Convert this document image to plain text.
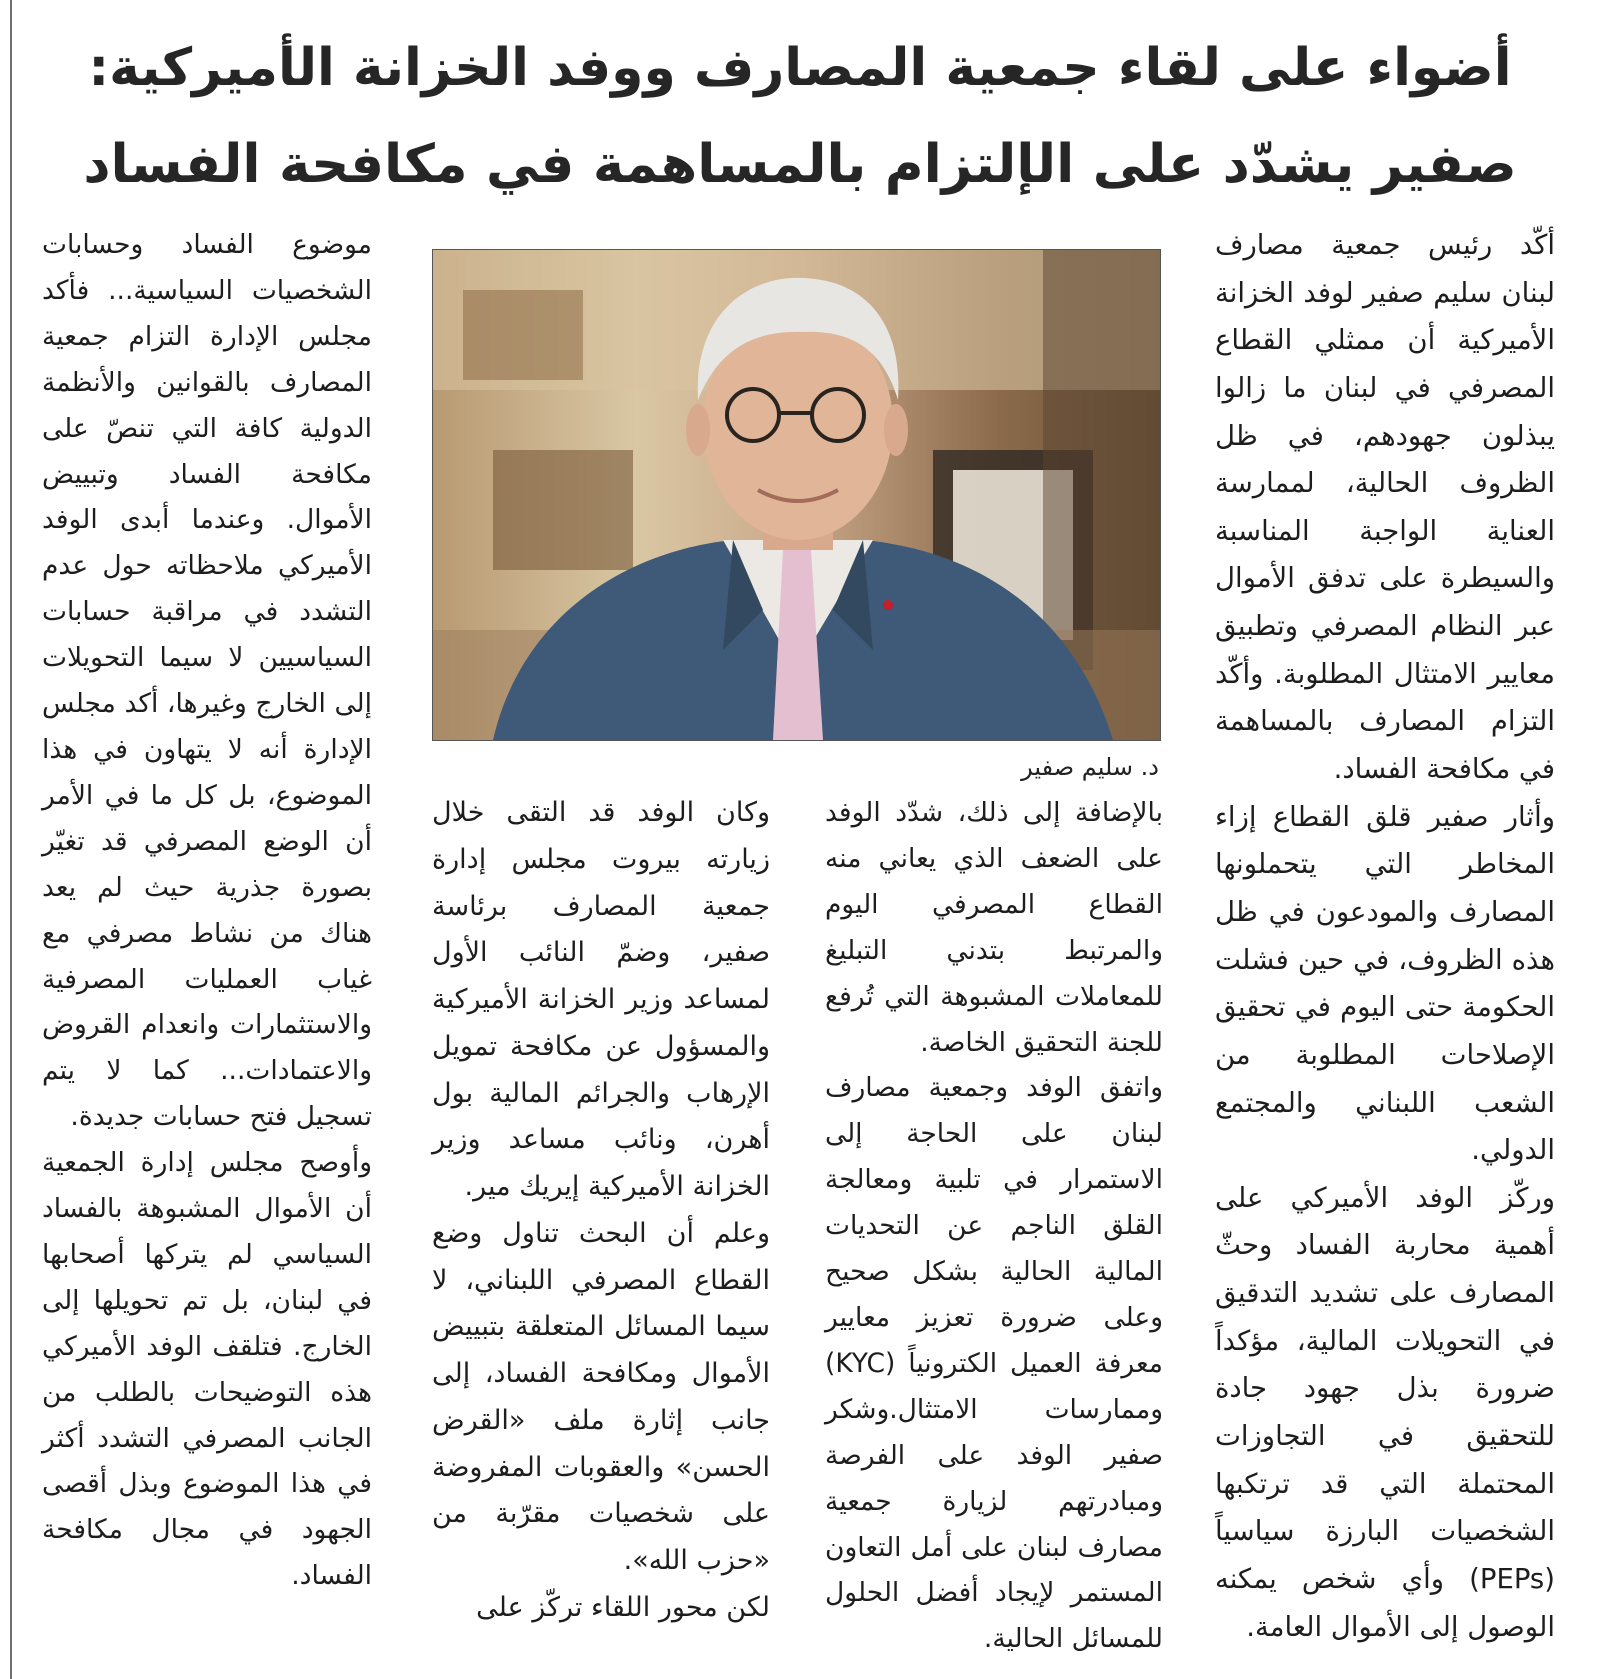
أضواء على لقاء جمعية المصارف ووفد الخزانة الأميركية:
صفير يشدّد على الإلتزام بالمساهمة في مكافحة الفساد

أكّد رئيس جمعية مصارف لبنان سليم صفير لوفد الخزانة الأميركية أن ممثلي القطاع المصرفي في لبنان ما زالوا يبذلون جهودهم، في ظل الظروف الحالية، لممارسة العناية الواجبة المناسبة والسيطرة على تدفق الأموال عبر النظام المصرفي وتطبيق معايير الامتثال المطلوبة. وأكّد التزام المصارف بالمساهمة في مكافحة الفساد.

وأثار صفير قلق القطاع إزاء المخاطر التي يتحملونها المصارف والمودعون في ظل هذه الظروف، في حين فشلت الحكومة حتى اليوم في تحقيق الإصلاحات المطلوبة من الشعب اللبناني والمجتمع الدولي.

وركّز الوفد الأميركي على أهمية محاربة الفساد وحثّ المصارف على تشديد التدقيق في التحويلات المالية، مؤكداً ضرورة بذل جهود جادة للتحقيق في التجاوزات المحتملة التي قد ترتكبها الشخصيات البارزة سياسياً (PEPs) وأي شخص يمكنه الوصول إلى الأموال العامة.

د. سليم صفير

بالإضافة إلى ذلك، شدّد الوفد على الضعف الذي يعاني منه القطاع المصرفي اليوم والمرتبط بتدني التبليغ للمعاملات المشبوهة التي تُرفع للجنة التحقيق الخاصة.

واتفق الوفد وجمعية مصارف لبنان على الحاجة إلى الاستمرار في تلبية ومعالجة القلق الناجم عن التحديات المالية الحالية بشكل صحيح وعلى ضرورة تعزيز معايير معرفة العميل الكترونياً (KYC) وممارسات الامتثال.وشكر صفير الوفد على الفرصة ومبادرتهم لزيارة جمعية مصارف لبنان على أمل التعاون المستمر لإيجاد أفضل الحلول للمسائل الحالية.

وكان الوفد قد التقى خلال زيارته بيروت مجلس إدارة جمعية المصارف برئاسة صفير، وضمّ النائب الأول لمساعد وزير الخزانة الأميركية والمسؤول عن مكافحة تمويل الإرهاب والجرائم المالية بول أهرن، ونائب مساعد وزير الخزانة الأميركية إيريك مير.

وعلم أن البحث تناول وضع القطاع المصرفي اللبناني، لا سيما المسائل المتعلقة بتبييض الأموال ومكافحة الفساد، إلى جانب إثارة ملف «القرض الحسن» والعقوبات المفروضة على شخصيات مقرّبة من «حزب الله».

لكن محور اللقاء تركّز على

موضوع الفساد وحسابات الشخصيات السياسية... فأكد مجلس الإدارة التزام جمعية المصارف بالقوانين والأنظمة الدولية كافة التي تنصّ على مكافحة الفساد وتبييض الأموال. وعندما أبدى الوفد الأميركي ملاحظاته حول عدم التشدد في مراقبة حسابات السياسيين لا سيما التحويلات إلى الخارج وغيرها، أكد مجلس الإدارة أنه لا يتهاون في هذا الموضوع، بل كل ما في الأمر أن الوضع المصرفي قد تغيّر بصورة جذرية حيث لم يعد هناك من نشاط مصرفي مع غياب العمليات المصرفية والاستثمارات وانعدام القروض والاعتمادات... كما لا يتم تسجيل فتح حسابات جديدة.

وأوصح مجلس إدارة الجمعية أن الأموال المشبوهة بالفساد السياسي لم يتركها أصحابها في لبنان، بل تم تحويلها إلى الخارج. فتلقف الوفد الأميركي هذه التوضيحات بالطلب من الجانب المصرفي التشدد أكثر في هذا الموضوع وبذل أقصى الجهود في مجال مكافحة الفساد.
